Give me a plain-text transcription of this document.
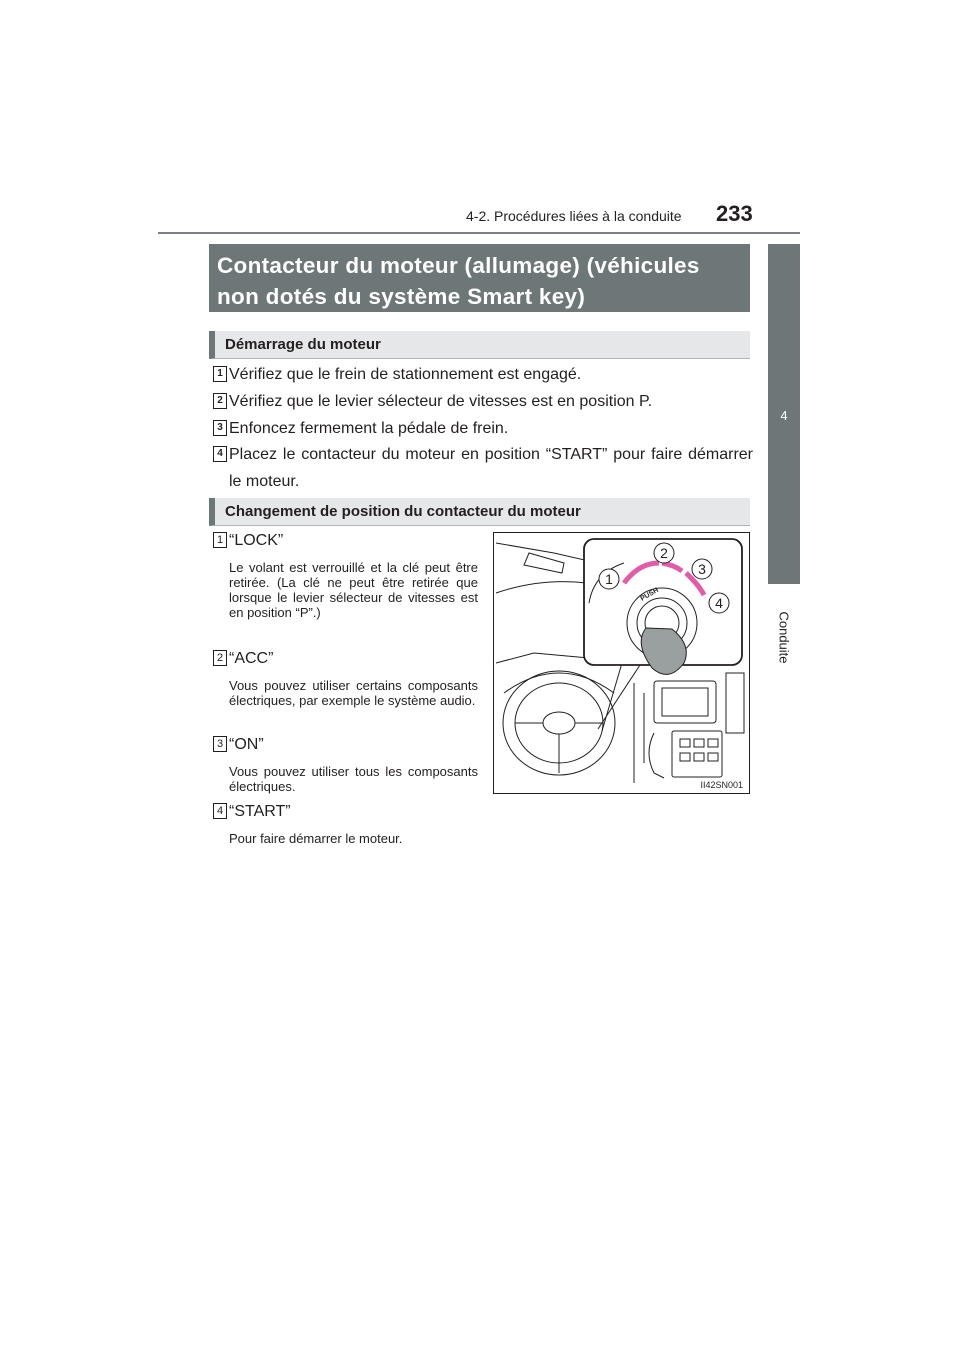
4-2. Procédures liées à la conduite 233
4
Conduite
Contacteur du moteur (allumage) (véhicules
non dotés du système Smart key)
Démarrage du moteur
1 Vérifiez que le frein de stationnement est engagé.
2 Vérifiez que le levier sélecteur de vitesses est en position P.
3 Enfoncez fermement la pédale de frein.
4 Placez le contacteur du moteur en position “START” pour faire démarrer le moteur.
Changement de position du contacteur du moteur
1 “LOCK”
Le volant est verrouillé et la clé peut être retirée. (La clé ne peut être retirée que lorsque le levier sélecteur de vitesses est en position “P”.)
2 “ACC”
Vous pouvez utiliser certains composants électriques, par exemple le système audio.
3 “ON”
Vous pouvez utiliser tous les composants électriques.
4 “START”
Pour faire démarrer le moteur.
1
2
3
4
PUSH
II42SN001
